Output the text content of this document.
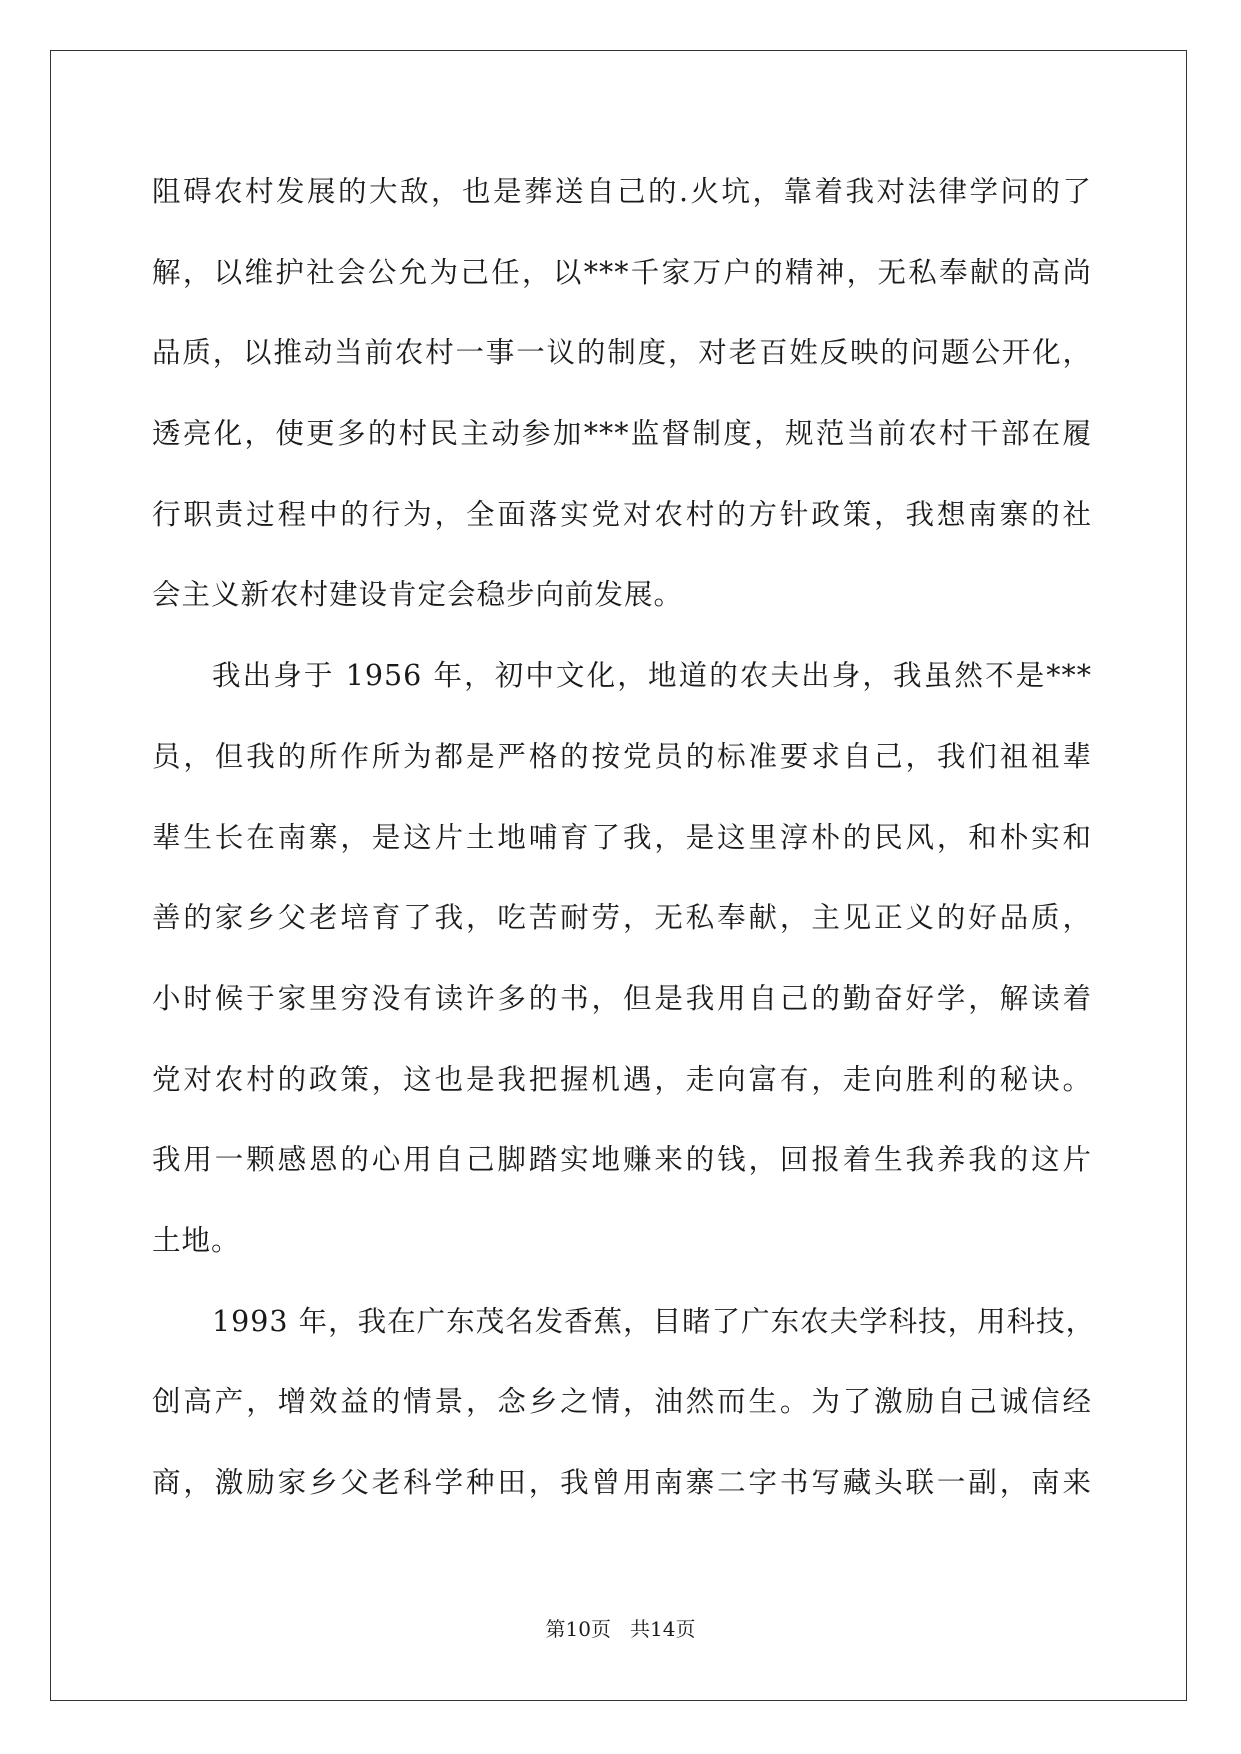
阻碍农村发展的大敌，也是葬送自己的.火坑，靠着我对法律学问的了
解，以维护社会公允为己任，以***千家万户的精神，无私奉献的高尚
品质，以推动当前农村一事一议的制度，对老百姓反映的问题公开化，
透亮化，使更多的村民主动参加***监督制度，规范当前农村干部在履
行职责过程中的行为，全面落实党对农村的方针政策，我想南寨的社
会主义新农村建设肯定会稳步向前发展。
我出身于 1956 年，初中文化，地道的农夫出身，我虽然不是***
员，但我的所作所为都是严格的按党员的标准要求自己，我们祖祖辈
辈生长在南寨，是这片土地哺育了我，是这里淳朴的民风，和朴实和
善的家乡父老培育了我，吃苦耐劳，无私奉献，主见正义的好品质，
小时候于家里穷没有读许多的书，但是我用自己的勤奋好学，解读着
党对农村的政策，这也是我把握机遇，走向富有，走向胜利的秘诀。
我用一颗感恩的心用自己脚踏实地赚来的钱，回报着生我养我的这片
土地。
1993 年，我在广东茂名发香蕉，目睹了广东农夫学科技，用科技，
创高产，增效益的情景，念乡之情，油然而生。为了激励自己诚信经
商，激励家乡父老科学种田，我曾用南寨二字书写藏头联一副，南来
第10页 共14页
